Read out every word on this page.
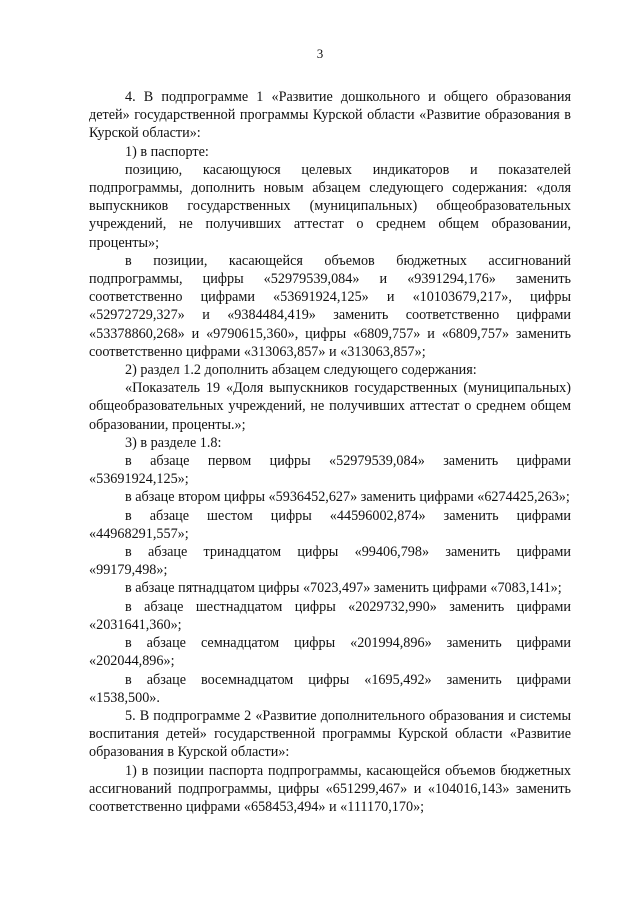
3

4. В подпрограмме 1 «Развитие дошкольного и общего образования детей» государственной программы Курской области «Развитие образования в Курской области»:

1) в паспорте:

позицию, касающуюся целевых индикаторов и показателей подпрограммы, дополнить новым абзацем следующего содержания: «доля выпускников государственных (муниципальных) общеобразовательных учреждений, не получивших аттестат о среднем общем образовании, проценты»;

в позиции, касающейся объемов бюджетных ассигнований подпрограммы, цифры «52979539,084» и «9391294,176» заменить соответственно цифрами «53691924,125» и «10103679,217», цифры «52972729,327» и «9384484,419» заменить соответственно цифрами «53378860,268» и «9790615,360», цифры «6809,757» и «6809,757» заменить соответственно цифрами «313063,857» и «313063,857»;

2) раздел 1.2 дополнить абзацем следующего содержания:

«Показатель 19 «Доля выпускников государственных (муниципальных) общеобразовательных учреждений, не получивших аттестат о среднем общем образовании, проценты.»;

3) в разделе 1.8:

в абзаце первом цифры «52979539,084» заменить цифрами «53691924,125»;

в абзаце втором цифры «5936452,627» заменить цифрами «6274425,263»;

в абзаце шестом цифры «44596002,874» заменить цифрами «44968291,557»;

в абзаце тринадцатом цифры «99406,798» заменить цифрами «99179,498»;

в абзаце пятнадцатом цифры «7023,497» заменить цифрами «7083,141»;

в абзаце шестнадцатом цифры «2029732,990» заменить цифрами «2031641,360»;

в абзаце семнадцатом цифры «201994,896» заменить цифрами «202044,896»;

в абзаце восемнадцатом цифры «1695,492» заменить цифрами «1538,500».

5. В подпрограмме 2 «Развитие дополнительного образования и системы воспитания детей» государственной программы Курской области «Развитие образования в Курской области»:

1) в позиции паспорта подпрограммы, касающейся объемов бюджетных ассигнований подпрограммы, цифры «651299,467» и «104016,143» заменить соответственно цифрами «658453,494» и «111170,170»;
